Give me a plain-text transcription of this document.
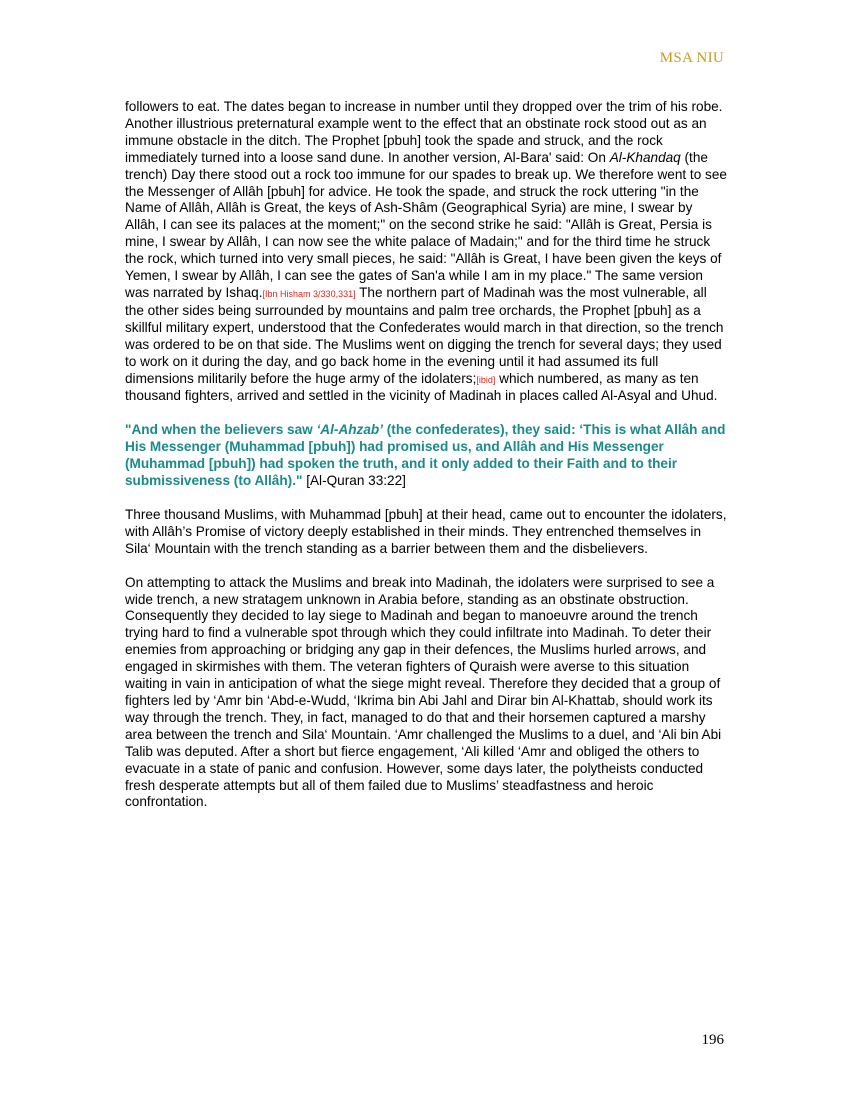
MSA NIU

followers to eat. The dates began to increase in number until they dropped over the trim of his robe. Another illustrious preternatural example went to the effect that an obstinate rock stood out as an immune obstacle in the ditch. The Prophet [pbuh] took the spade and struck, and the rock immediately turned into a loose sand dune. In another version, Al-Bara' said: On Al-Khandaq (the trench) Day there stood out a rock too immune for our spades to break up. We therefore went to see the Messenger of Allâh [pbuh] for advice. He took the spade, and struck the rock uttering "in the Name of Allâh, Allâh is Great, the keys of Ash-Shâm (Geographical Syria) are mine, I swear by Allâh, I can see its palaces at the moment;" on the second strike he said: "Allâh is Great, Persia is mine, I swear by Allâh, I can now see the white palace of Madain;" and for the third time he struck the rock, which turned into very small pieces, he said: "Allâh is Great, I have been given the keys of Yemen, I swear by Allâh, I can see the gates of San'a while I am in my place." The same version was narrated by Ishaq.[Ibn Hisham 3/330,331] The northern part of Madinah was the most vulnerable, all the other sides being surrounded by mountains and palm tree orchards, the Prophet [pbuh] as a skillful military expert, understood that the Confederates would march in that direction, so the trench was ordered to be on that side. The Muslims went on digging the trench for several days; they used to work on it during the day, and go back home in the evening until it had assumed its full dimensions militarily before the huge army of the idolaters;[ibid] which numbered, as many as ten thousand fighters, arrived and settled in the vicinity of Madinah in places called Al-Asyal and Uhud.

"And when the believers saw ‘Al-Ahzab’ (the confederates), they said: ‘This is what Allâh and His Messenger (Muhammad [pbuh]) had promised us, and Allâh and His Messenger (Muhammad [pbuh]) had spoken the truth, and it only added to their Faith and to their submissiveness (to Allâh)." [Al-Quran 33:22]

Three thousand Muslims, with Muhammad [pbuh] at their head, came out to encounter the idolaters, with Allâh’s Promise of victory deeply established in their minds. They entrenched themselves in Sila‘ Mountain with the trench standing as a barrier between them and the disbelievers.

On attempting to attack the Muslims and break into Madinah, the idolaters were surprised to see a wide trench, a new stratagem unknown in Arabia before, standing as an obstinate obstruction. Consequently they decided to lay siege to Madinah and began to manoeuvre around the trench trying hard to find a vulnerable spot through which they could infiltrate into Madinah. To deter their enemies from approaching or bridging any gap in their defences, the Muslims hurled arrows, and engaged in skirmishes with them. The veteran fighters of Quraish were averse to this situation waiting in vain in anticipation of what the siege might reveal. Therefore they decided that a group of fighters led by ‘Amr bin ‘Abd-e-Wudd, ‘Ikrima bin Abi Jahl and Dirar bin Al-Khattab, should work its way through the trench. They, in fact, managed to do that and their horsemen captured a marshy area between the trench and Sila‘ Mountain. ‘Amr challenged the Muslims to a duel, and ‘Ali bin Abi Talib was deputed. After a short but fierce engagement, ‘Ali killed ‘Amr and obliged the others to evacuate in a state of panic and confusion. However, some days later, the polytheists conducted fresh desperate attempts but all of them failed due to Muslims’ steadfastness and heroic confrontation.

196
